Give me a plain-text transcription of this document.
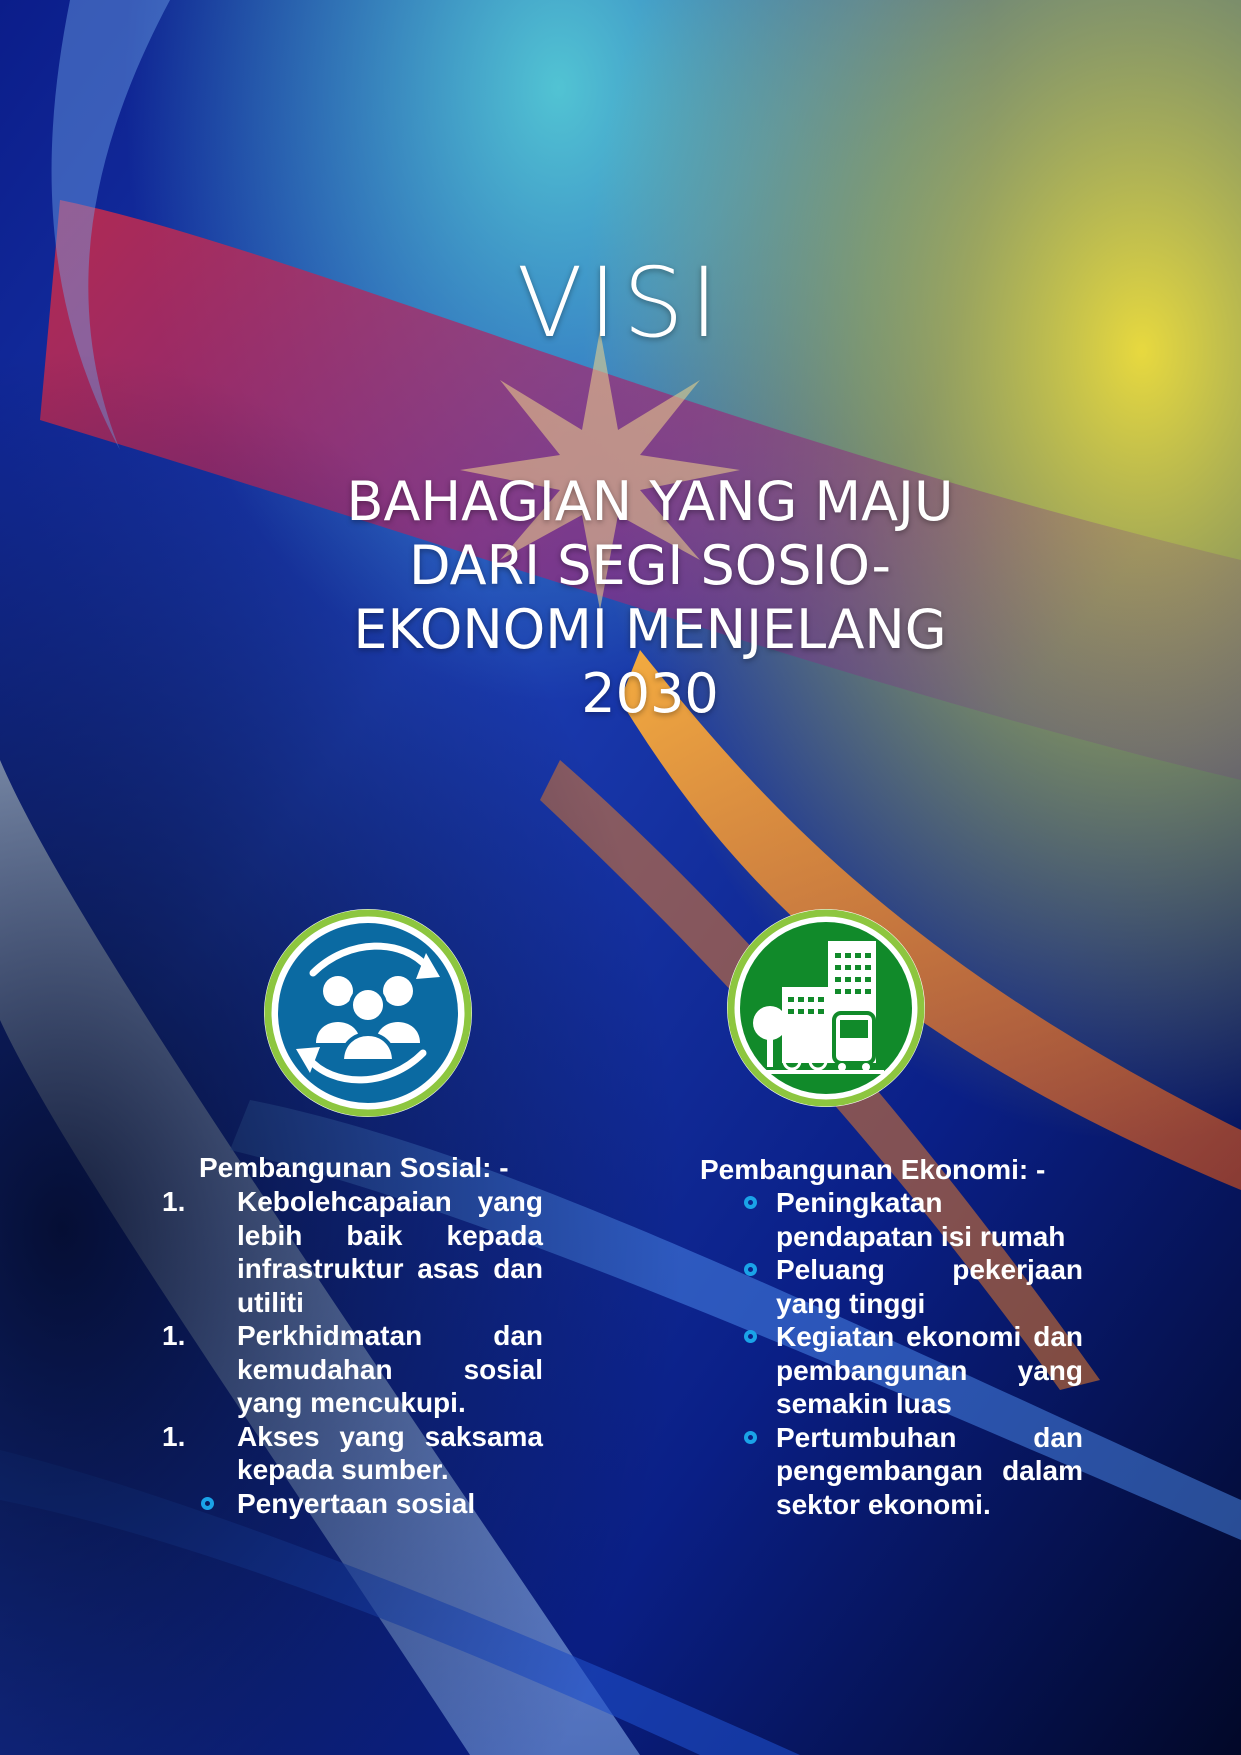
VISI
BAHAGIAN YANG MAJU
DARI SEGI SOSIO-
EKONOMI MENJELANG
2030
Pembangunan Sosial: -
1. Kebolehcapaian yang lebih baik kepada infrastruktur asas dan utiliti
1. Perkhidmatan dan kemudahan sosial yang mencukupi.
1. Akses yang saksama kepada sumber.
Penyertaan sosial
Pembangunan Ekonomi: -
Peningkatan pendapatan isi rumah
Peluang pekerjaan yang tinggi
Kegiatan ekonomi dan pembangunan yang semakin luas
Pertumbuhan dan pengembangan dalam sektor ekonomi.
